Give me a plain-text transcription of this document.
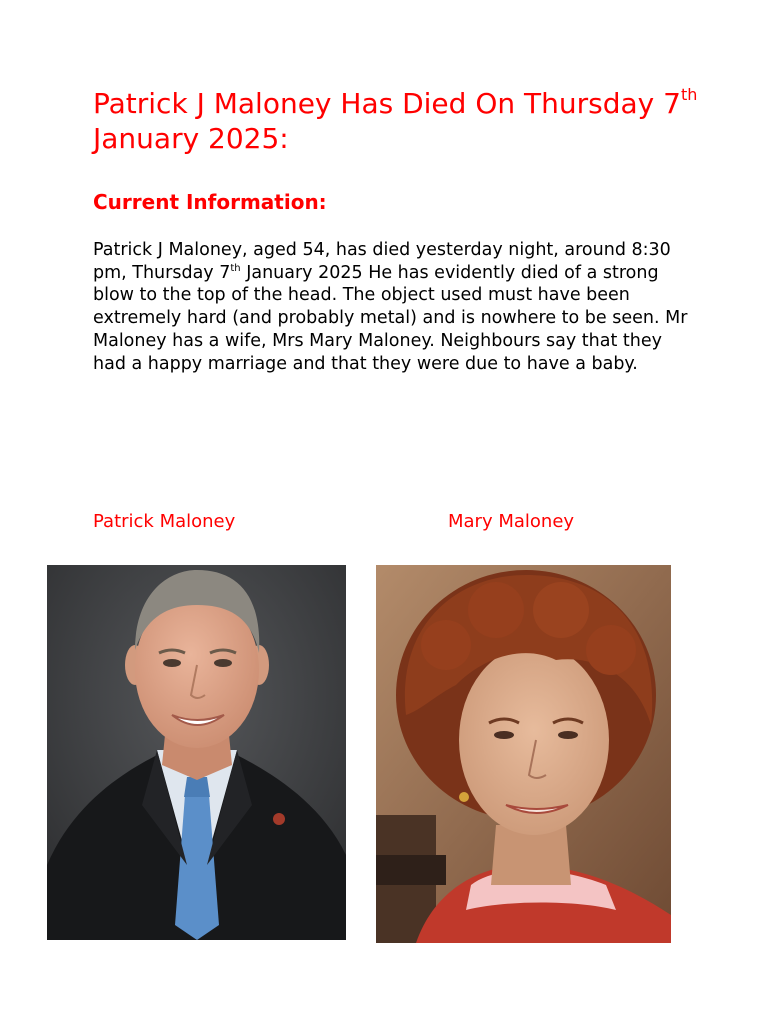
Patrick J Maloney Has Died On Thursday 7th January 2025:
Current Information:

Patrick J Maloney, aged 54, has died yesterday night, around 8:30 pm, Thursday 7th January 2025 He has evidently died of a strong blow to the top of the head. The object used must have been extremely hard (and probably metal) and is nowhere to be seen. Mr Maloney has a wife, Mrs Mary Maloney. Neighbours say that they had a happy marriage and that they were due to have a baby.

Patrick Maloney	Mary Maloney
